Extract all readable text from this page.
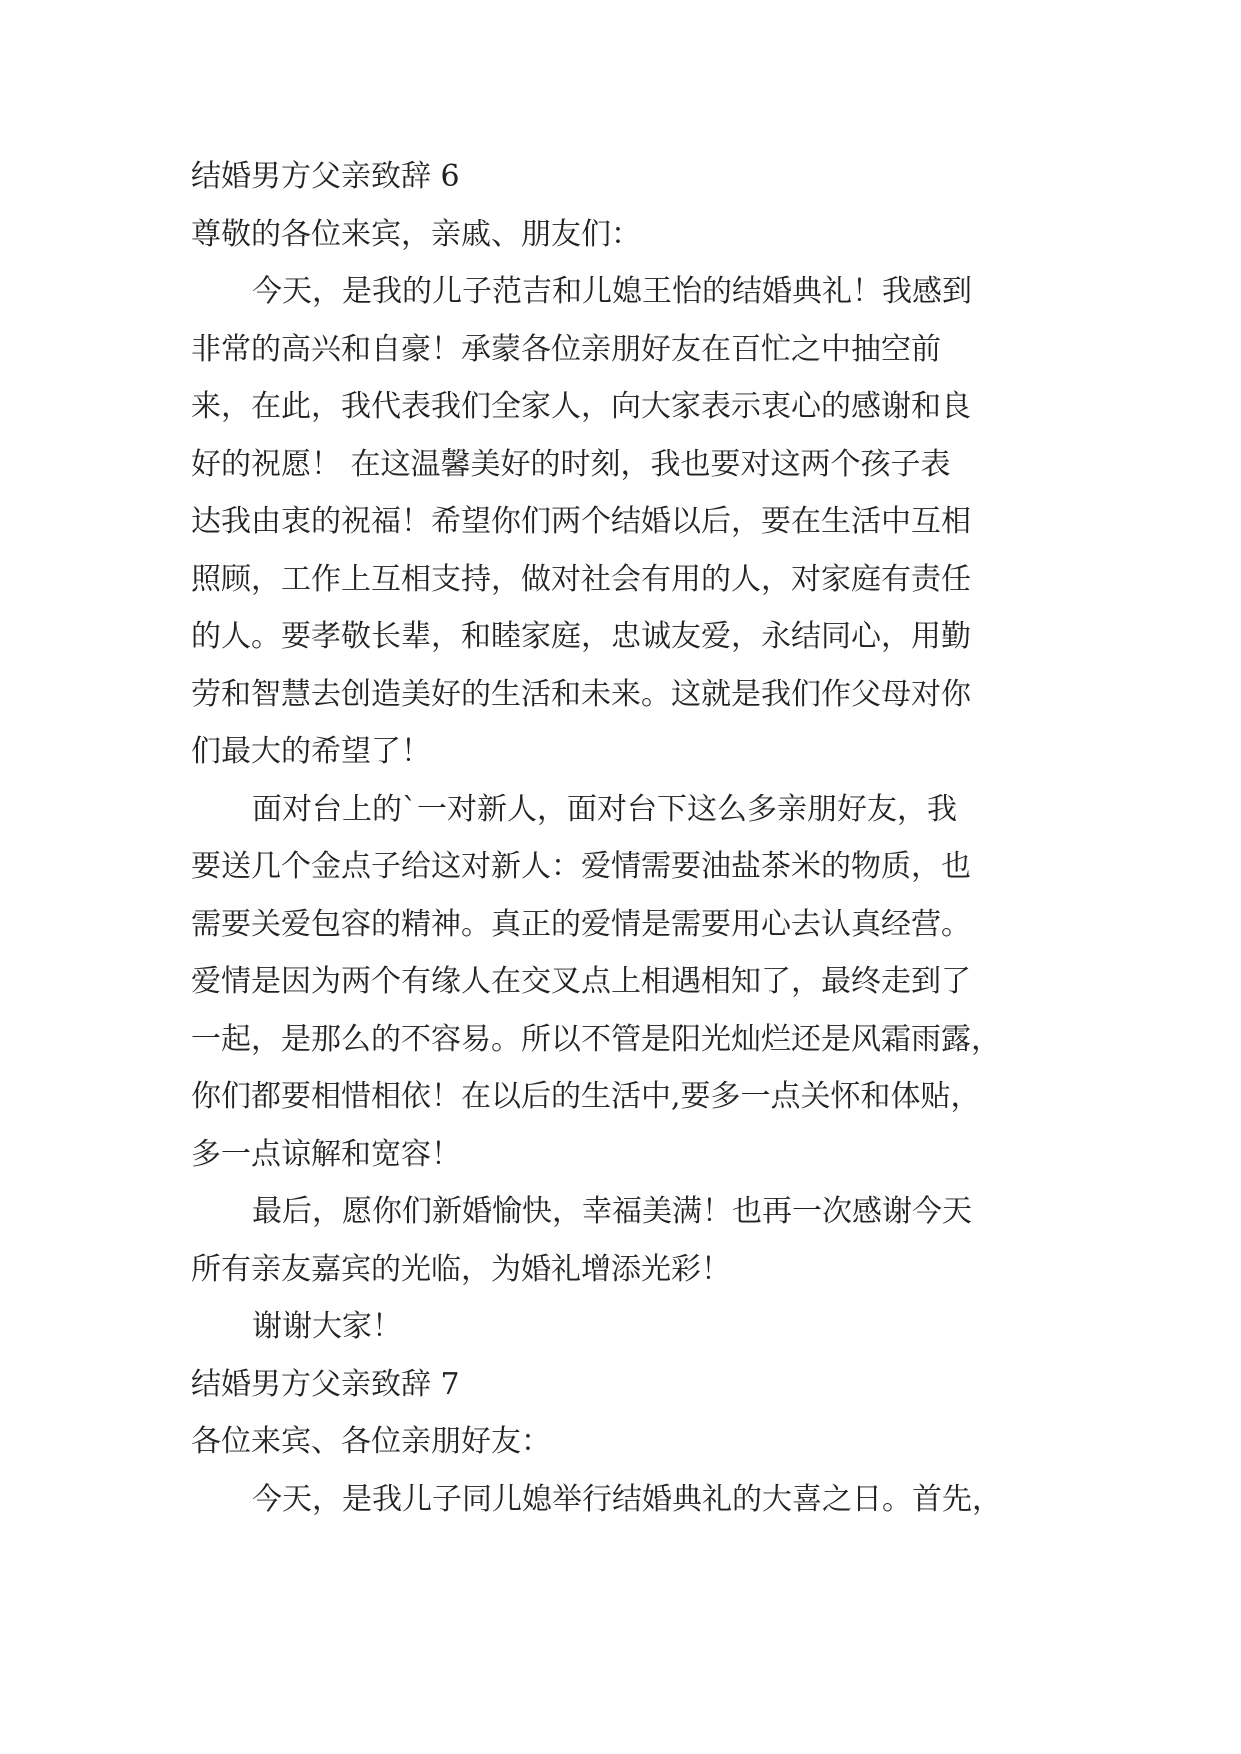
结婚男方父亲致辞 6

尊敬的各位来宾，亲戚、朋友们：

今天，是我的儿子范吉和儿媳王怡的结婚典礼！我感到
非常的高兴和自豪！承蒙各位亲朋好友在百忙之中抽空前
来，在此，我代表我们全家人，向大家表示衷心的感谢和良
好的祝愿！ 在这温馨美好的时刻，我也要对这两个孩子表
达我由衷的祝福！希望你们两个结婚以后，要在生活中互相
照顾，工作上互相支持，做对社会有用的人，对家庭有责任
的人。要孝敬长辈，和睦家庭，忠诚友爱，永结同心，用勤
劳和智慧去创造美好的生活和未来。这就是我们作父母对你
们最大的希望了！
面对台上的`一对新人，面对台下这么多亲朋好友，我
要送几个金点子给这对新人：爱情需要油盐茶米的物质，也
需要关爱包容的精神。真正的爱情是需要用心去认真经营。
爱情是因为两个有缘人在交叉点上相遇相知了，最终走到了
一起，是那么的不容易。所以不管是阳光灿烂还是风霜雨露，
你们都要相惜相依！在以后的生活中,要多一点关怀和体贴，
多一点谅解和宽容！
最后，愿你们新婚愉快，幸福美满！也再一次感谢今天
所有亲友嘉宾的光临，为婚礼增添光彩！
谢谢大家！

结婚男方父亲致辞 7

各位来宾、各位亲朋好友：

今天，是我儿子同儿媳举行结婚典礼的大喜之日。首先，
